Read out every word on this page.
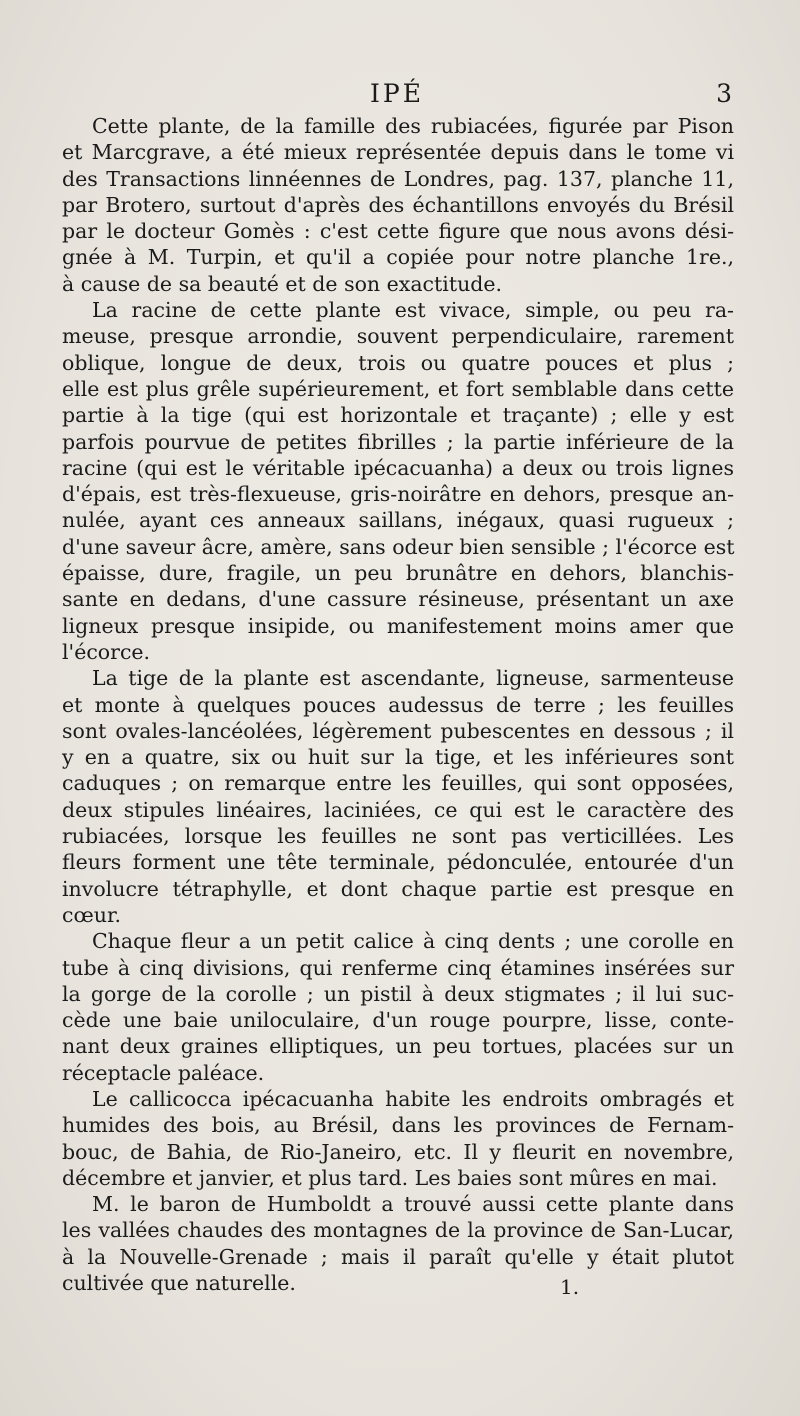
IPÉ	3
Cette plante, de la famille des rubiacées, figurée par Pison
et Marcgrave, a été mieux représentée depuis dans le tome vi
des Transactions linnéennes de Londres, pag. 137, planche 11,
par Brotero, surtout d'après des échantillons envoyés du Brésil
par le docteur Gomès : c'est cette figure que nous avons dési-
gnée à M. Turpin, et qu'il a copiée pour notre planche 1re.,
à cause de sa beauté et de son exactitude.
La racine de cette plante est vivace, simple, ou peu ra-
meuse, presque arrondie, souvent perpendiculaire, rarement
oblique, longue de deux, trois ou quatre pouces et plus ;
elle est plus grêle supérieurement, et fort semblable dans cette
partie à la tige (qui est horizontale et traçante) ; elle y est
parfois pourvue de petites fibrilles ; la partie inférieure de la
racine (qui est le véritable ipécacuanha) a deux ou trois lignes
d'épais, est très-flexueuse, gris-noirâtre en dehors, presque an-
nulée, ayant ces anneaux saillans, inégaux, quasi rugueux ;
d'une saveur âcre, amère, sans odeur bien sensible ; l'écorce est
épaisse, dure, fragile, un peu brunâtre en dehors, blanchis-
sante en dedans, d'une cassure résineuse, présentant un axe
ligneux presque insipide, ou manifestement moins amer que
l'écorce.
La tige de la plante est ascendante, ligneuse, sarmenteuse
et monte à quelques pouces audessus de terre ; les feuilles
sont ovales-lancéolées, légèrement pubescentes en dessous ; il
y en a quatre, six ou huit sur la tige, et les inférieures sont
caduques ; on remarque entre les feuilles, qui sont opposées,
deux stipules linéaires, laciniées, ce qui est le caractère des
rubiacées, lorsque les feuilles ne sont pas verticillées. Les
fleurs forment une tête terminale, pédonculée, entourée d'un
involucre tétraphylle, et dont chaque partie est presque en
cœur.
Chaque fleur a un petit calice à cinq dents ; une corolle en
tube à cinq divisions, qui renferme cinq étamines insérées sur
la gorge de la corolle ; un pistil à deux stigmates ; il lui suc-
cède une baie uniloculaire, d'un rouge pourpre, lisse, conte-
nant deux graines elliptiques, un peu tortues, placées sur un
réceptacle paléace.
Le callicocca ipécacuanha habite les endroits ombragés et
humides des bois, au Brésil, dans les provinces de Fernam-
bouc, de Bahia, de Rio-Janeiro, etc. Il y fleurit en novembre,
décembre et janvier, et plus tard. Les baies sont mûres en mai.
M. le baron de Humboldt a trouvé aussi cette plante dans
les vallées chaudes des montagnes de la province de San-Lucar,
à la Nouvelle-Grenade ; mais il paraît qu'elle y était plutot
cultivée que naturelle.	1.
